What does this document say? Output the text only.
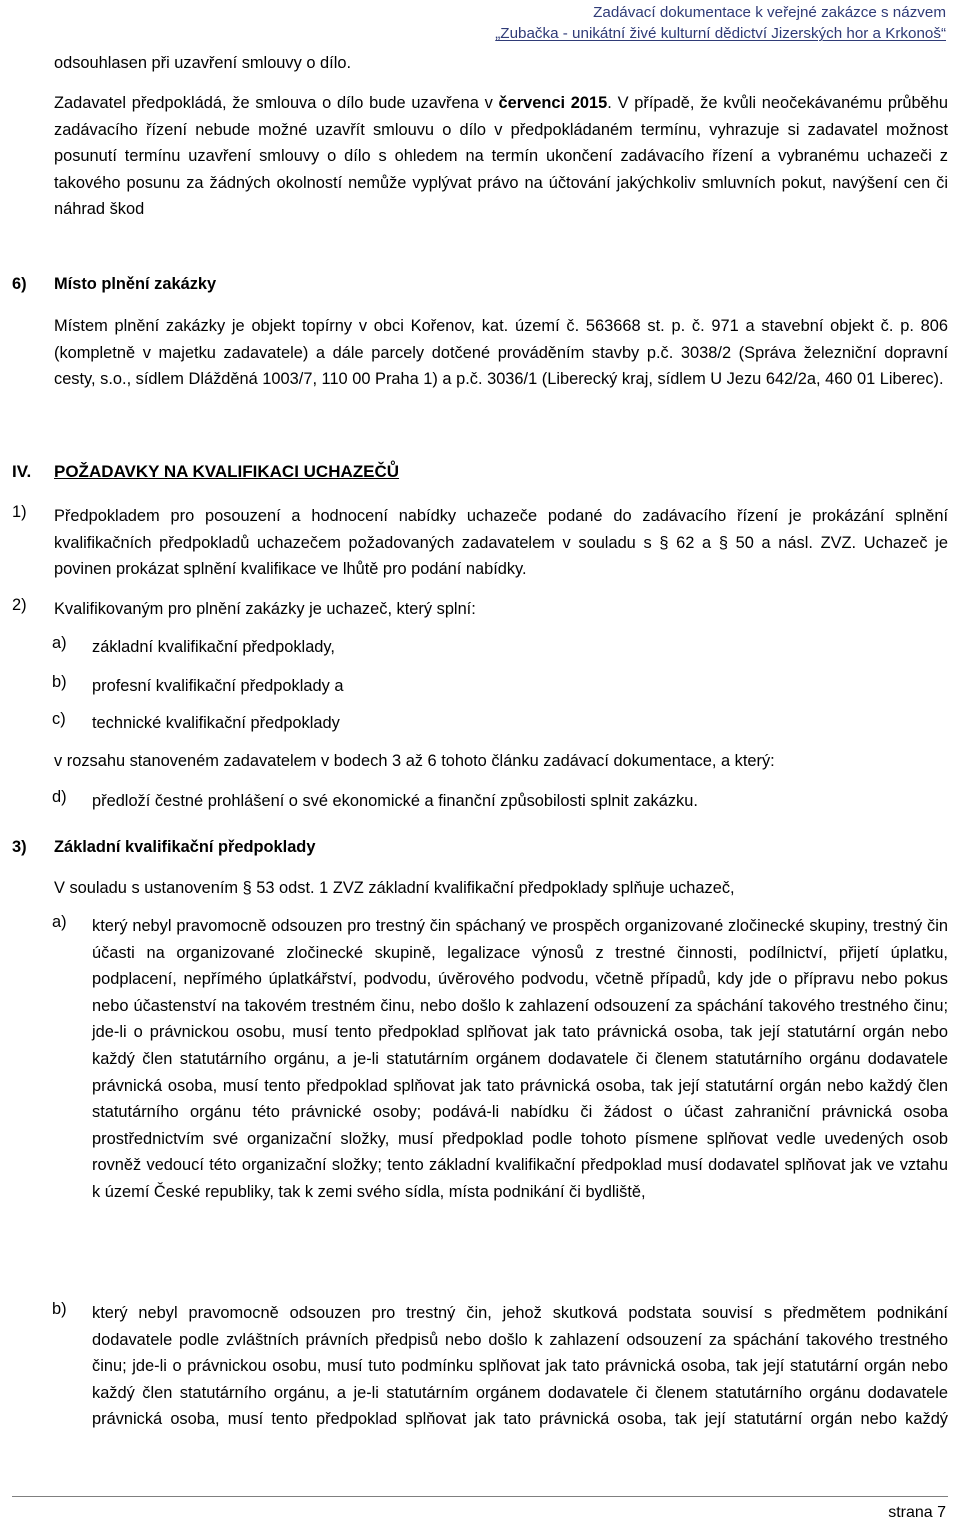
Zadávací dokumentace k veřejné zakázce s názvem
„Zubačka - unikátní živé kulturní dědictví Jizerských hor a Krkonoš“
odsouhlasen při uzavření smlouvy o dílo.
Zadavatel předpokládá, že smlouva o dílo bude uzavřena v červenci 2015. V případě, že kvůli neočekávanému průběhu zadávacího řízení nebude možné uzavřít smlouvu o dílo v předpokládaném termínu, vyhrazuje si zadavatel možnost posunutí termínu uzavření smlouvy o dílo s ohledem na termín ukončení zadávacího řízení a vybranému uchazeči z takového posunu za žádných okolností nemůže vyplývat právo na účtování jakýchkoliv smluvních pokut, navýšení cen či náhrad škod
6) Místo plnění zakázky
Místem plnění zakázky je objekt topírny v obci Kořenov, kat. území č. 563668 st. p. č. 971 a stavební objekt č. p. 806 (kompletně v majetku zadavatele) a dále parcely dotčené prováděním stavby p.č. 3038/2 (Správa železniční dopravní cesty, s.o., sídlem Dlážděná 1003/7, 110 00 Praha 1) a p.č. 3036/1 (Liberecký kraj, sídlem U Jezu 642/2a, 460 01 Liberec).
IV. POŽADAVKY NA KVALIFIKACI UCHAZEČŮ
1) Předpokladem pro posouzení a hodnocení nabídky uchazeče podané do zadávacího řízení je prokázání splnění kvalifikačních předpokladů uchazečem požadovaných zadavatelem v souladu s § 62 a § 50 a násl. ZVZ. Uchazeč je povinen prokázat splnění kvalifikace ve lhůtě pro podání nabídky.
2) Kvalifikovaným pro plnění zakázky je uchazeč, který splní:
a) základní kvalifikační předpoklady,
b) profesní kvalifikační předpoklady a
c) technické kvalifikační předpoklady
v rozsahu stanoveném zadavatelem v bodech 3 až 6 tohoto článku zadávací dokumentace, a který:
d) předloží čestné prohlášení o své ekonomické a finanční způsobilosti splnit zakázku.
3) Základní kvalifikační předpoklady
V souladu s ustanovením § 53 odst. 1 ZVZ základní kvalifikační předpoklady splňuje uchazeč,
a) který nebyl pravomocně odsouzen pro trestný čin spáchaný ve prospěch organizované zločinecké skupiny, trestný čin účasti na organizované zločinecké skupině, legalizace výnosů z trestné činnosti, podílnictví, přijetí úplatku, podplacení, nepřímého úplatkářství, podvodu, úvěrového podvodu, včetně případů, kdy jde o přípravu nebo pokus nebo účastenství na takovém trestném činu, nebo došlo k zahlazení odsouzení za spáchání takového trestného činu; jde-li o právnickou osobu, musí tento předpoklad splňovat jak tato právnická osoba, tak její statutární orgán nebo každý člen statutárního orgánu, a je-li statutárním orgánem dodavatele či členem statutárního orgánu dodavatele právnická osoba, musí tento předpoklad splňovat jak tato právnická osoba, tak její statutární orgán nebo každý člen statutárního orgánu této právnické osoby; podává-li nabídku či žádost o účast zahraniční právnická osoba prostřednictvím své organizační složky, musí předpoklad podle tohoto písmene splňovat vedle uvedených osob rovněž vedoucí této organizační složky; tento základní kvalifikační předpoklad musí dodavatel splňovat jak ve vztahu k území České republiky, tak k zemi svého sídla, místa podnikání či bydliště,
b) který nebyl pravomocně odsouzen pro trestný čin, jehož skutková podstata souvisí s předmětem podnikání dodavatele podle zvláštních právních předpisů nebo došlo k zahlazení odsouzení za spáchání takového trestného činu; jde-li o právnickou osobu, musí tuto podmínku splňovat jak tato právnická osoba, tak její statutární orgán nebo každý člen statutárního orgánu, a je-li statutárním orgánem dodavatele či členem statutárního orgánu dodavatele právnická osoba, musí tento předpoklad splňovat jak tato právnická osoba, tak její statutární orgán nebo každý
strana 7
